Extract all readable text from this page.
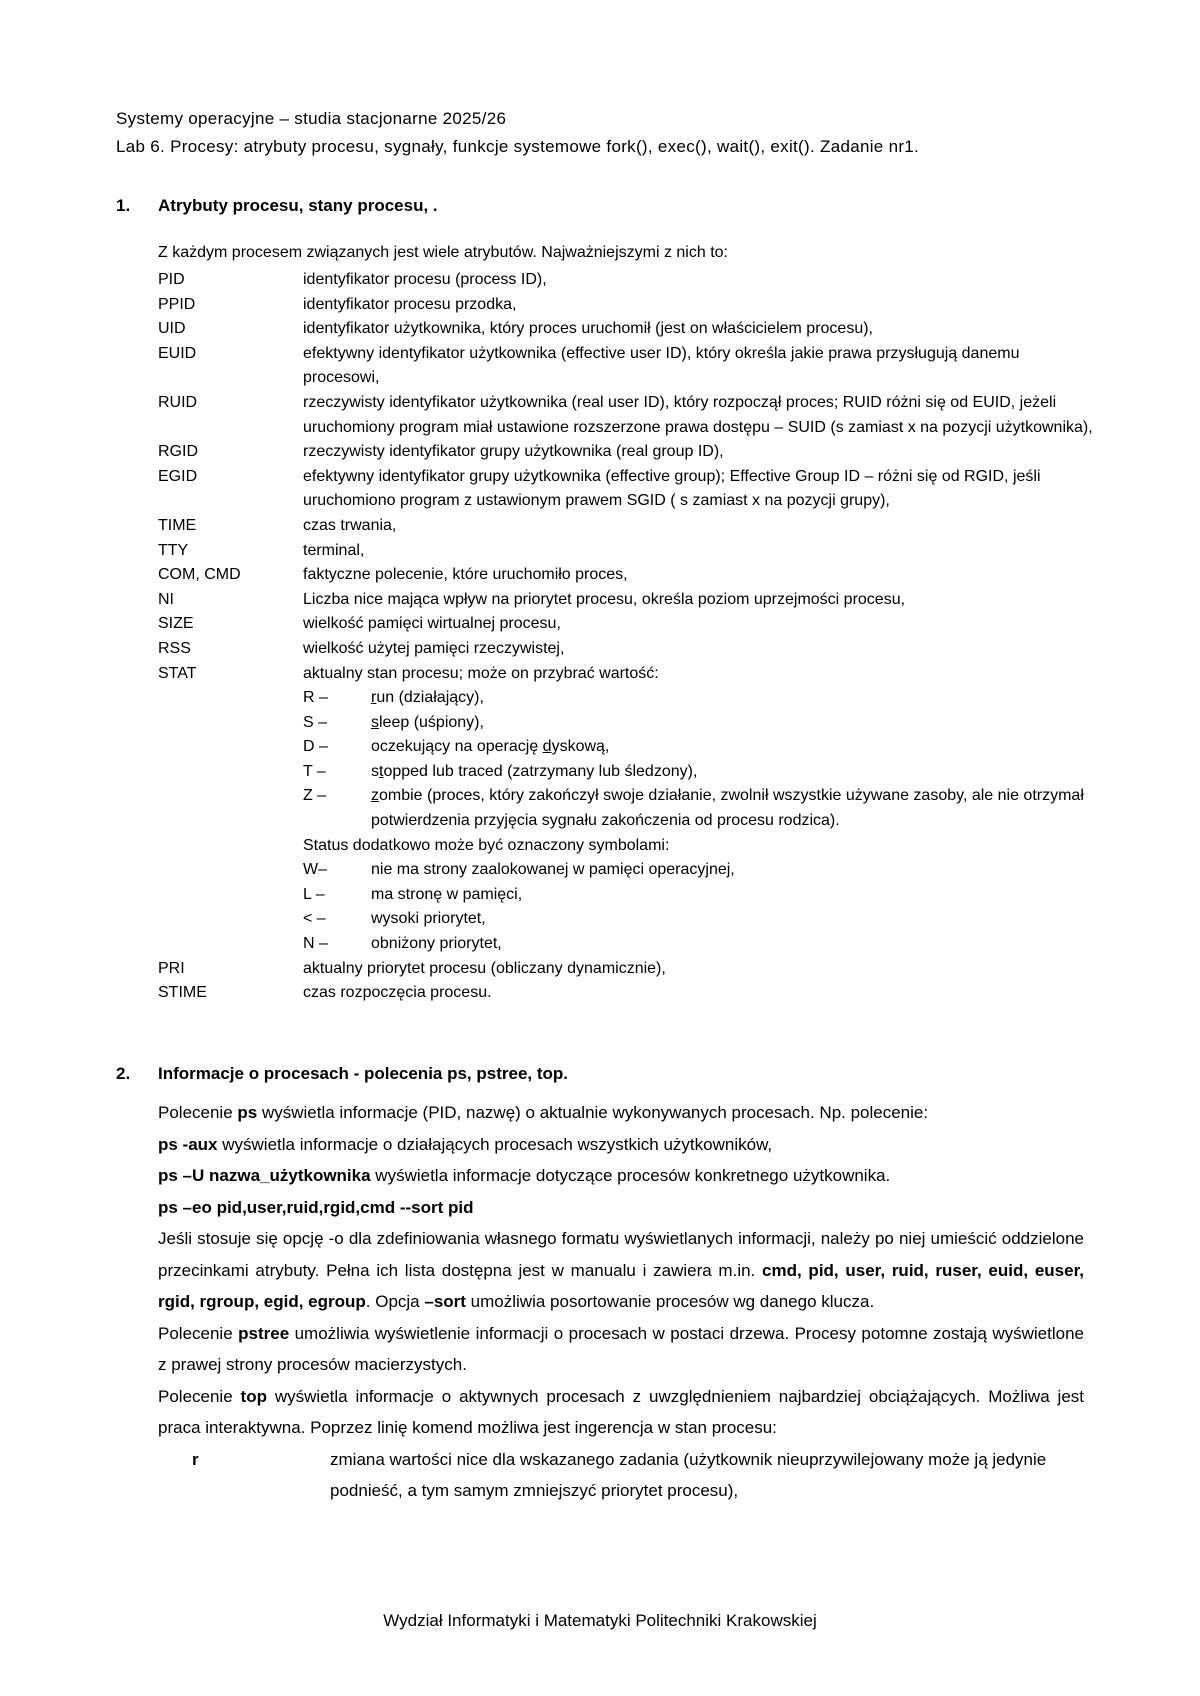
Systemy operacyjne – studia stacjonarne 2025/26
Lab 6. Procesy: atrybuty procesu, sygnały, funkcje systemowe fork(), exec(), wait(), exit(). Zadanie nr1.
1. Atrybuty procesu, stany procesu, .
Z każdym procesem związanych jest wiele atrybutów. Najważniejszymi z nich to:
PID	identyfikator procesu (process ID),
PPID	identyfikator procesu przodka,
UID	identyfikator użytkownika, który proces uruchomił (jest on właścicielem procesu),
EUID	efektywny identyfikator użytkownika (effective user ID), który określa jakie prawa przysługują danemu procesowi,
RUID	rzeczywisty identyfikator użytkownika (real user ID), który rozpoczął proces; RUID różni się od EUID, jeżeli uruchomiony program miał ustawione rozszerzone prawa dostępu – SUID (s zamiast x na pozycji użytkownika),
RGID	rzeczywisty identyfikator grupy użytkownika (real group ID),
EGID	efektywny identyfikator grupy użytkownika (effective group); Effective Group ID – różni się od RGID, jeśli uruchomiono program z ustawionym prawem SGID ( s zamiast x na pozycji grupy),
TIME	czas trwania,
TTY	terminal,
COM, CMD	faktyczne polecenie, które uruchomiło proces,
NI	Liczba nice mająca wpływ na priorytet procesu, określa poziom uprzejmości procesu,
SIZE	wielkość pamięci wirtualnej procesu,
RSS	wielkość użytej pamięci rzeczywistej,
STAT	aktualny stan procesu; może on przybrać wartość:
R –	run (działający),
S –	sleep (uśpiony),
D –	oczekujący na operację dyskową,
T –	stopped lub traced (zatrzymany lub śledzony),
Z –	zombie (proces, który zakończył swoje działanie, zwolnił wszystkie używane zasoby, ale nie otrzymał potwierdzenia przyjęcia sygnału zakończenia od procesu rodzica).
Status dodatkowo może być oznaczony symbolami:
W–	nie ma strony zaalokowanej w pamięci operacyjnej,
L –	ma stronę w pamięci,
< –	wysoki priorytet,
N –	obniżony priorytet,
PRI	aktualny priorytet procesu (obliczany dynamicznie),
STIME	czas rozpoczęcia procesu.
2. Informacje o procesach - polecenia ps, pstree, top.

Polecenie ps wyświetla informacje (PID, nazwę) o aktualnie wykonywanych procesach. Np. polecenie:

ps -aux wyświetla informacje o działających procesach wszystkich użytkowników,

ps –U nazwa_użytkownika wyświetla informacje dotyczące procesów konkretnego użytkownika.

ps –eo pid,user,ruid,rgid,cmd --sort pid

Jeśli stosuje się opcję -o dla zdefiniowania własnego formatu wyświetlanych informacji, należy po niej umieścić oddzielone przecinkami atrybuty. Pełna ich lista dostępna jest w manualu i zawiera m.in. cmd, pid, user, ruid, ruser, euid, euser, rgid, rgroup, egid, egroup. Opcja –sort umożliwia posortowanie procesów wg danego klucza.

Polecenie pstree umożliwia wyświetlenie informacji o procesach w postaci drzewa. Procesy potomne zostają wyświetlone z prawej strony procesów macierzystych.

Polecenie top wyświetla informacje o aktywnych procesach z uwzględnieniem najbardziej obciążających. Możliwa jest praca interaktywna. Poprzez linię komend możliwa jest ingerencja w stan procesu:

r	zmiana wartości nice dla wskazanego zadania (użytkownik nieuprzywilejowany może ją jedynie podnieść, a tym samym zmniejszyć priorytet procesu),
Wydział Informatyki i Matematyki Politechniki Krakowskiej
